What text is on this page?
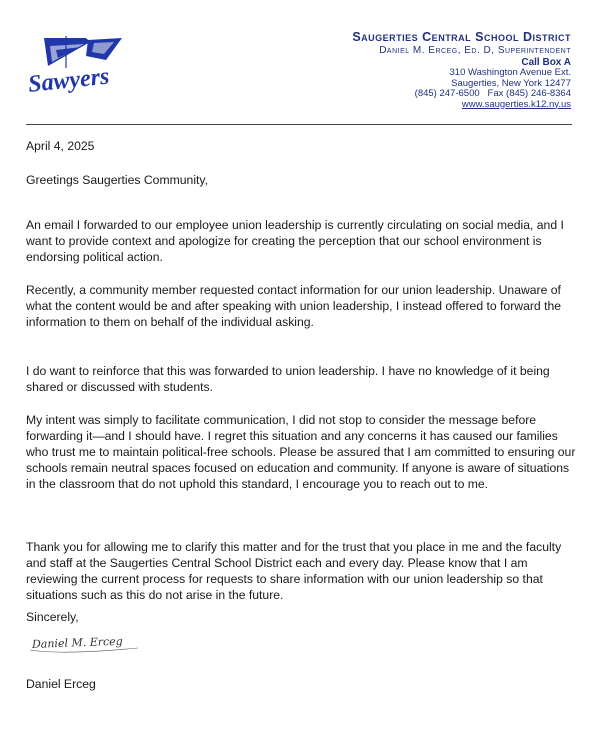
Sawyers
Saugerties Central School District
Daniel M. Erceg, Ed. D, Superintendent
Call Box A
310 Washington Avenue Ext.
Saugerties, New York 12477
(845) 247-6500   Fax (845) 246-8364
www.saugerties.k12.ny.us
April 4, 2025
Greetings Saugerties Community,

An email I forwarded to our employee union leadership is currently circulating on social media, and I want to provide context and apologize for creating the perception that our school environment is endorsing political action.

Recently, a community member requested contact information for our union leadership. Unaware of what the content would be and after speaking with union leadership, I instead offered to forward the information to them on behalf of the individual asking.

I do want to reinforce that this was forwarded to union leadership. I have no knowledge of it being shared or discussed with students.

My intent was simply to facilitate communication, I did not stop to consider the message before forwarding it—and I should have. I regret this situation and any concerns it has caused our families who trust me to maintain political-free schools. Please be assured that I am committed to ensuring our schools remain neutral spaces focused on education and community. If anyone is aware of situations in the classroom that do not uphold this standard, I encourage you to reach out to me.

Thank you for allowing me to clarify this matter and for the trust that you place in me and the faculty and staff at the Saugerties Central School District each and every day. Please know that I am reviewing the current process for requests to share information with our union leadership so that situations such as this do not arise in the future.

Sincerely,
Daniel M. Erceg
Daniel Erceg
